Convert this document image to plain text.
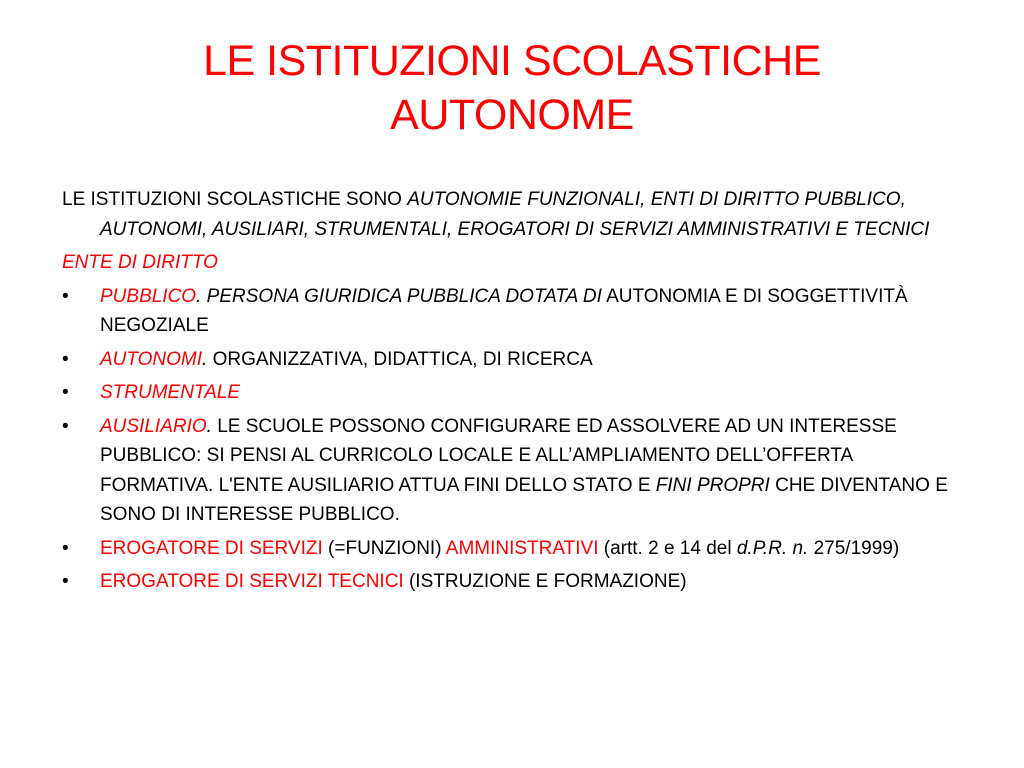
LE ISTITUZIONI SCOLASTICHE
AUTONOME

LE ISTITUZIONI SCOLASTICHE SONO AUTONOMIE FUNZIONALI, ENTI DI DIRITTO PUBBLICO, AUTONOMI, AUSILIARI, STRUMENTALI, EROGATORI DI SERVIZI AMMINISTRATIVI E TECNICI

ENTE DI DIRITTO

•	PUBBLICO. PERSONA GIURIDICA PUBBLICA DOTATA DI AUTONOMIA E DI SOGGETTIVITÀ NEGOZIALE
•	AUTONOMI. ORGANIZZATIVA, DIDATTICA, DI RICERCA
•	STRUMENTALE
•	AUSILIARIO. LE SCUOLE POSSONO CONFIGURARE ED ASSOLVERE AD UN INTERESSE PUBBLICO: SI PENSI AL CURRICOLO LOCALE E ALL’AMPLIAMENTO DELL’OFFERTA FORMATIVA. L'ENTE AUSILIARIO ATTUA FINI DELLO STATO E FINI PROPRI CHE DIVENTANO E SONO DI INTERESSE PUBBLICO.
•	EROGATORE DI SERVIZI (=FUNZIONI) AMMINISTRATIVI (artt. 2 e 14 del d.P.R. n. 275/1999)
•	EROGATORE DI SERVIZI TECNICI (ISTRUZIONE E FORMAZIONE)
